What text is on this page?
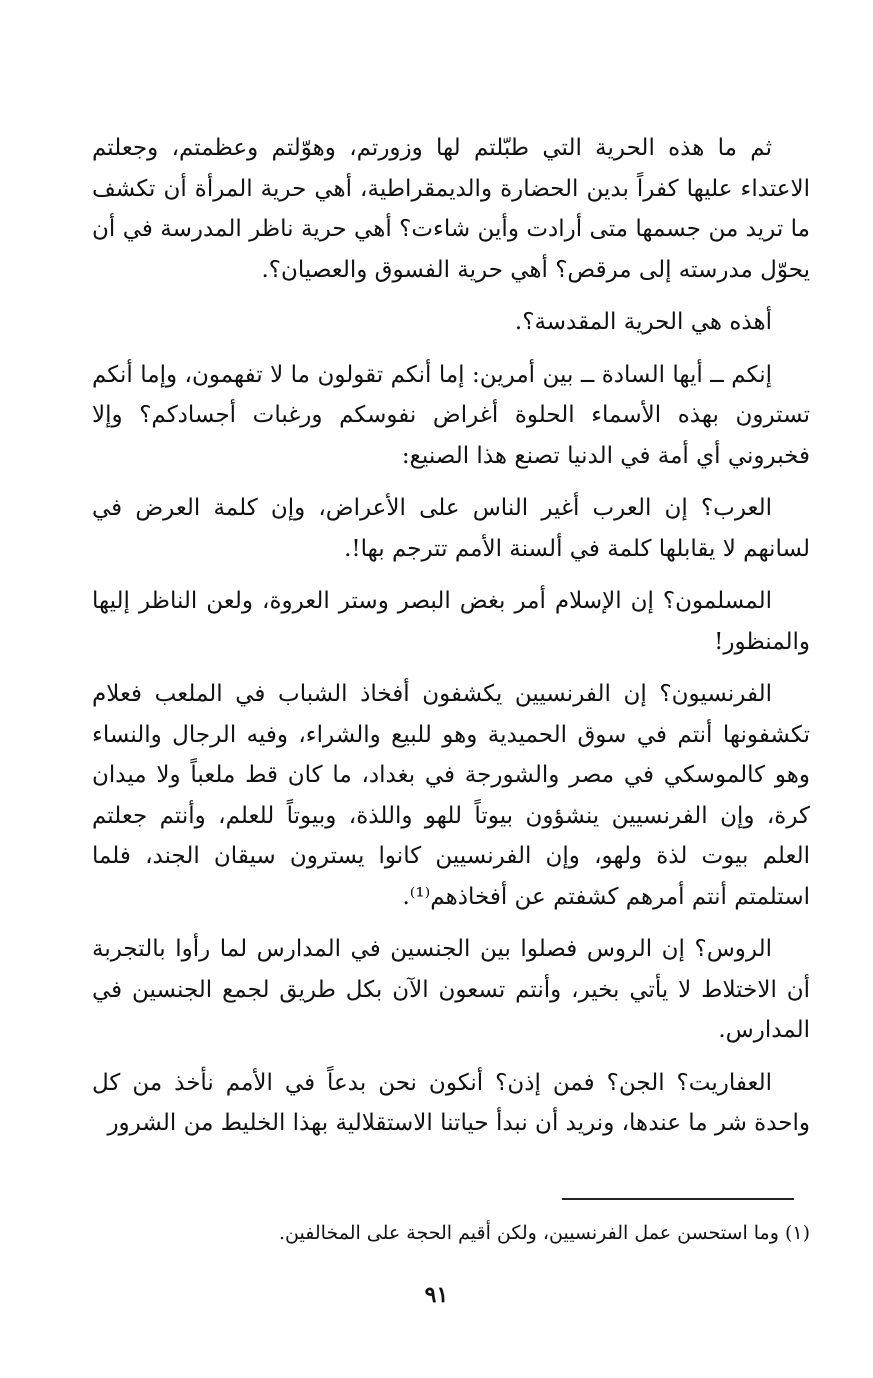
ثم ما هذه الحرية التي طبّلتم لها وزورتم، وهوّلتم وعظمتم، وجعلتم الاعتداء عليها كفراً بدين الحضارة والديمقراطية، أهي حرية المرأة أن تكشف ما تريد من جسمها متى أرادت وأين شاءت؟ أهي حرية ناظر المدرسة في أن يحوّل مدرسته إلى مرقص؟ أهي حرية الفسوق والعصيان؟.

أهذه هي الحرية المقدسة؟.

إنكم ــ أيها السادة ــ بين أمرين: إما أنكم تقولون ما لا تفهمون، وإما أنكم تسترون بهذه الأسماء الحلوة أغراض نفوسكم ورغبات أجسادكم؟ وإلا فخبروني أي أمة في الدنيا تصنع هذا الصنيع:

العرب؟ إن العرب أغير الناس على الأعراض، وإن كلمة العرض في لسانهم لا يقابلها كلمة في ألسنة الأمم تترجم بها!.

المسلمون؟ إن الإسلام أمر بغض البصر وستر العروة، ولعن الناظر إليها والمنظور!

الفرنسيون؟ إن الفرنسيين يكشفون أفخاذ الشباب في الملعب فعلام تكشفونها أنتم في سوق الحميدية وهو للبيع والشراء، وفيه الرجال والنساء وهو كالموسكي في مصر والشورجة في بغداد، ما كان قط ملعباً ولا ميدان كرة، وإن الفرنسيين ينشؤون بيوتاً للهو واللذة، وبيوتاً للعلم، وأنتم جعلتم العلم بيوت لذة ولهو، وإن الفرنسيين كانوا يسترون سيقان الجند، فلما استلمتم أنتم أمرهم كشفتم عن أفخاذهم⁽¹⁾.

الروس؟ إن الروس فصلوا بين الجنسين في المدارس لما رأوا بالتجربة أن الاختلاط لا يأتي بخير، وأنتم تسعون الآن بكل طريق لجمع الجنسين في المدارس.

العفاريت؟ الجن؟ فمن إذن؟ أنكون نحن بدعاً في الأمم نأخذ من كل واحدة شر ما عندها، ونريد أن نبدأ حياتنا الاستقلالية بهذا الخليط من الشرور

(١) وما استحسن عمل الفرنسيين، ولكن أقيم الحجة على المخالفين.
٩١
